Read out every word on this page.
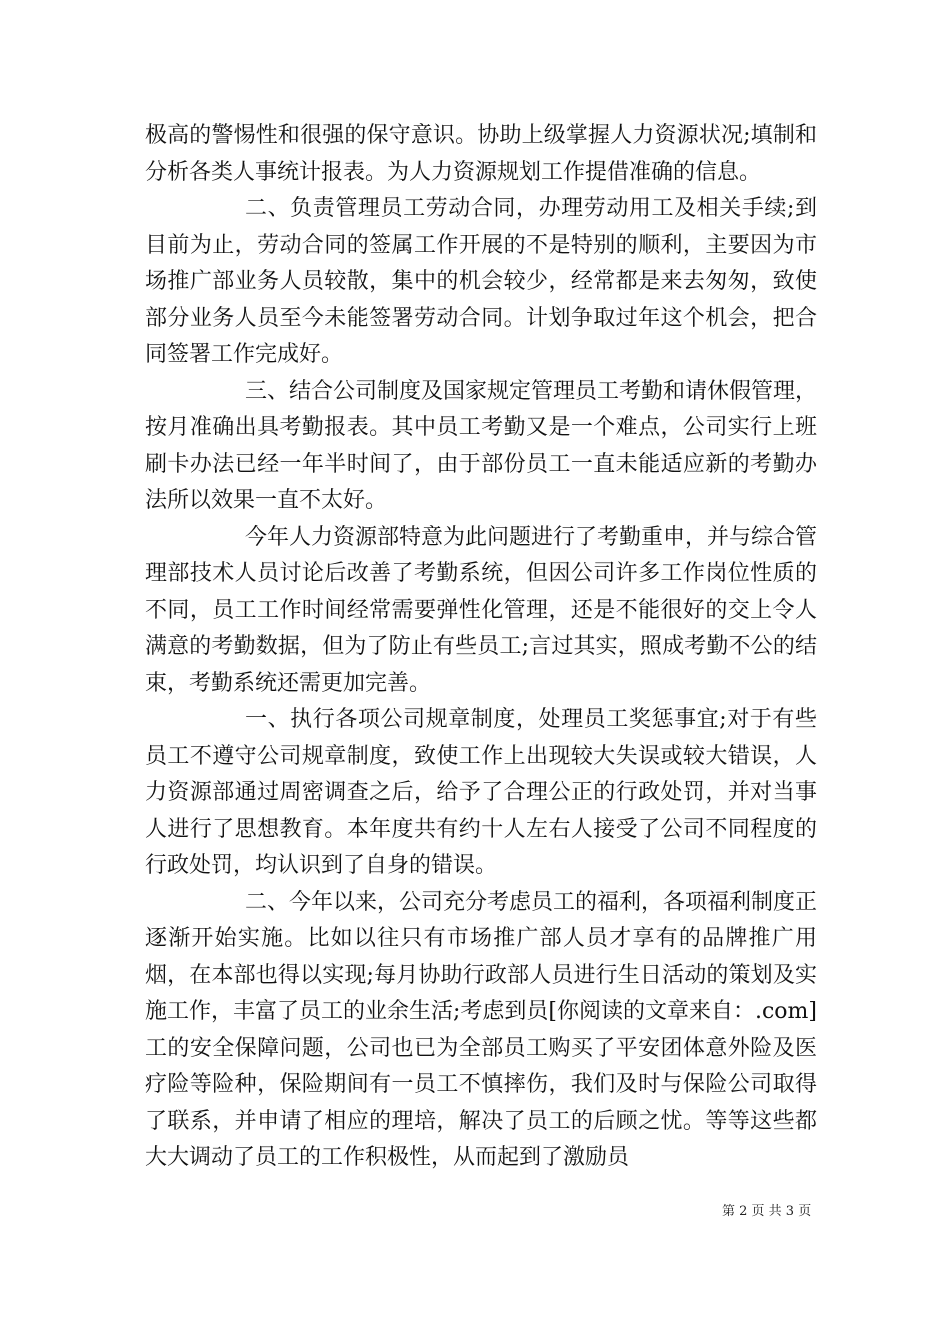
极高的警惕性和很强的保守意识。协助上级掌握人力资源状况;填制和分析各类人事统计报表。为人力资源规划工作提借准确的信息。

二、负责管理员工劳动合同，办理劳动用工及相关手续;到目前为止，劳动合同的签属工作开展的不是特别的顺利，主要因为市场推广部业务人员较散，集中的机会较少，经常都是来去匆匆，致使部分业务人员至今未能签署劳动合同。计划争取过年这个机会，把合同签署工作完成好。

三、结合公司制度及国家规定管理员工考勤和请休假管理，按月准确出具考勤报表。其中员工考勤又是一个难点，公司实行上班刷卡办法已经一年半时间了，由于部份员工一直未能适应新的考勤办法所以效果一直不太好。

今年人力资源部特意为此问题进行了考勤重申，并与综合管理部技术人员讨论后改善了考勤系统，但因公司许多工作岗位性质的不同，员工工作时间经常需要弹性化管理，还是不能很好的交上令人满意的考勤数据，但为了防止有些员工;言过其实，照成考勤不公的结束，考勤系统还需更加完善。

一、执行各项公司规章制度，处理员工奖惩事宜;对于有些员工不遵守公司规章制度，致使工作上出现较大失误或较大错误，人力资源部通过周密调查之后，给予了合理公正的行政处罚，并对当事人进行了思想教育。本年度共有约十人左右人接受了公司不同程度的行政处罚，均认识到了自身的错误。

二、今年以来，公司充分考虑员工的福利，各项福利制度正逐渐开始实施。比如以往只有市场推广部人员才享有的品牌推广用烟，在本部也得以实现;每月协助行政部人员进行生日活动的策划及实施工作，丰富了员工的业余生活;考虑到员[你阅读的文章来自：.com]工的安全保障问题，公司也已为全部员工购买了平安团体意外险及医疗险等险种，保险期间有一员工不慎摔伤，我们及时与保险公司取得了联系，并申请了相应的理培，解决了员工的后顾之忧。等等这些都大大调动了员工的工作积极性，从而起到了激励员

第 2 页 共 3 页
